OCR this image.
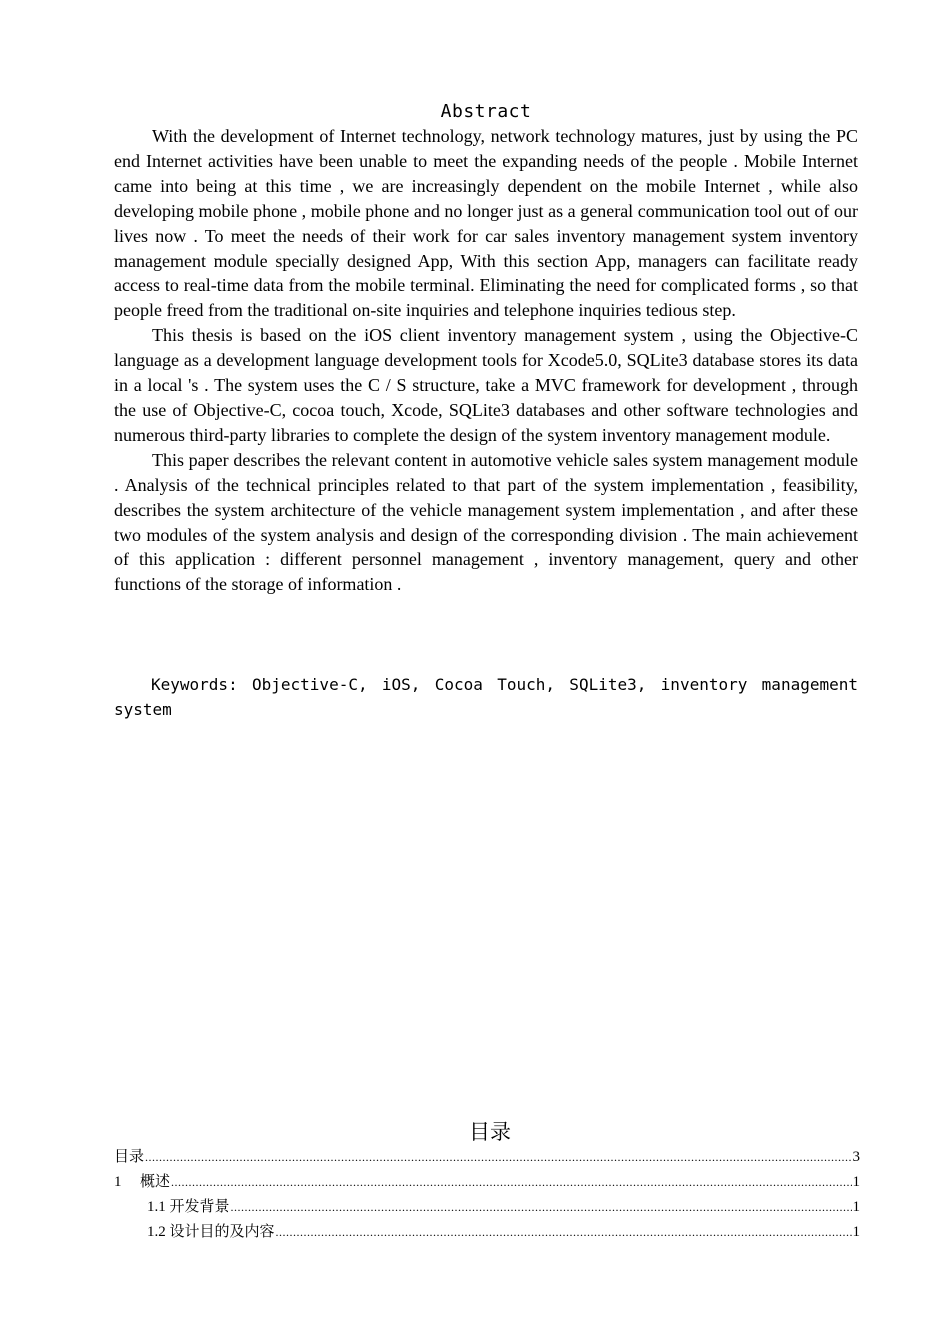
Abstract

With the development of Internet technology, network technology matures, just by using the PC end Internet activities have been unable to meet the expanding needs of the people . Mobile Internet came into being at this time , we are increasingly dependent on the mobile Internet , while also developing mobile phone , mobile phone and no longer just as a general communication tool out of our lives now . To meet the needs of their work for car sales inventory management system inventory management module specially designed App, With this section App, managers can facilitate ready access to real-time data from the mobile terminal. Eliminating the need for complicated forms , so that people freed from the traditional on-site inquiries and telephone inquiries tedious step.

This thesis is based on the iOS client inventory management system , using the Objective-C language as a development language development tools for Xcode5.0, SQLite3 database stores its data in a local 's . The system uses the C / S structure, take a MVC framework for development , through the use of Objective-C, cocoa touch, Xcode, SQLite3 databases and other software technologies and numerous third-party libraries to complete the design of the system inventory management module.

This paper describes the relevant content in automotive vehicle sales system management module . Analysis of the technical principles related to that part of the system implementation , feasibility, describes the system architecture of the vehicle management system implementation , and after these two modules of the system analysis and design of the corresponding division . The main achievement of this application : different personnel management , inventory management, query and other functions of the storage of information .

Keywords: Objective-C, iOS, Cocoa Touch, SQLite3, inventory management system

目录
目录 .....	3
1 概述 .....	1
1.1 开发背景 .....	1
1.2 设计目的及内容 .....	1
